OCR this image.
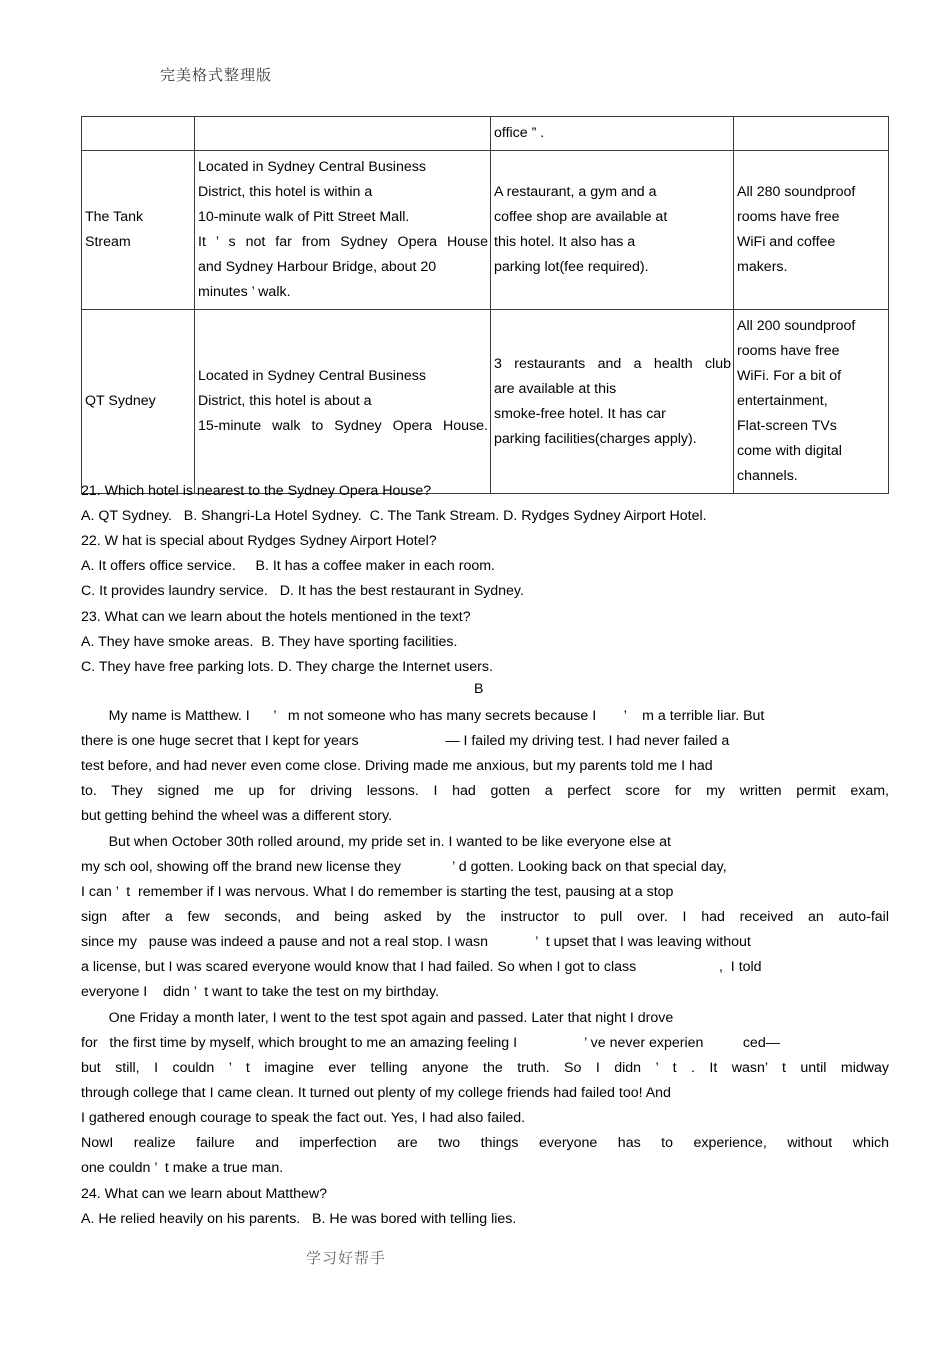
完美格式整理版

		office ” .	

The Tank Stream	Located in Sydney Central Business District, this hotel is within a 10-minute walk of Pitt Street Mall.
It ’ s not far from Sydney Opera House
and Sydney Harbour Bridge, about 20 minutes ’ walk.	A restaurant, a gym and a coffee shop are available at this hotel. It also has a parking lot(fee required).	All 280 soundproof rooms have free WiFi and coffee makers.

QT Sydney	Located in Sydney Central Business District, this hotel is about a
15-minute walk to Sydney Opera House.	3 restaurants and a health club
are available at this smoke-free hotel. It has car parking facilities(charges apply).	All 200 soundproof rooms have free WiFi. For a bit of entertainment, Flat-screen TVs come with digital channels.
21. Which hotel is nearest to the Sydney Opera House?
A. QT Sydney.   B. Shangri-La Hotel Sydney.  C. The Tank Stream. D. Rydges Sydney Airport Hotel.
22. W hat is special about Rydges Sydney Airport Hotel?
A. It offers office service.     B. It has a coffee maker in each room.
C. It provides laundry service.   D. It has the best restaurant in Sydney.
23. What can we learn about the hotels mentioned in the text?
A. They have smoke areas.  B. They have sporting facilities.
C. They have free parking lots. D. They charge the Internet users.
B
My name is Matthew. I      ’   m not someone who has many secrets because I       ’    m a terrible liar. But
there is one huge secret that I kept for years                      — I failed my driving test. I had never failed a
test before, and had never even come close. Driving made me anxious, but my parents told me I had
to. They signed me up for driving lessons. I had gotten a perfect score for my written permit exam,
but getting behind the wheel was a different story.
But when October 30th rolled around, my pride set in. I wanted to be like everyone else at
my sch ool, showing off the brand new license they             ’ d gotten. Looking back on that special day,
I can ’  t  remember if I was nervous. What I do remember is starting the test, pausing at a stop
sign after a few seconds, and being asked by the instructor to pull over. I had received an auto-fail
since my   pause was indeed a pause and not a real stop. I wasn            ’  t upset that I was leaving without
a license, but I was scared everyone would know that I had failed. So when I got to class                     ,  I told
everyone I    didn ’  t want to take the test on my birthday.
One Friday a month later, I went to the test spot again and passed. Later that night I drove
for   the first time by myself, which brought to me an amazing feeling I                 ’ ve never experien          ced—
but still, I couldn ’ t imagine ever telling anyone the truth. So I didn ’ t . It wasn’ t until midway
through college that I came clean. It turned out plenty of my college friends had failed too! And
I gathered enough courage to speak the fact out. Yes, I had also failed.
NowI realize failure and imperfection are two things everyone has to experience, without which
one couldn ’  t make a true man.
24. What can we learn about Matthew?
A. He relied heavily on his parents.   B. He was bored with telling lies.
学习好帮手
